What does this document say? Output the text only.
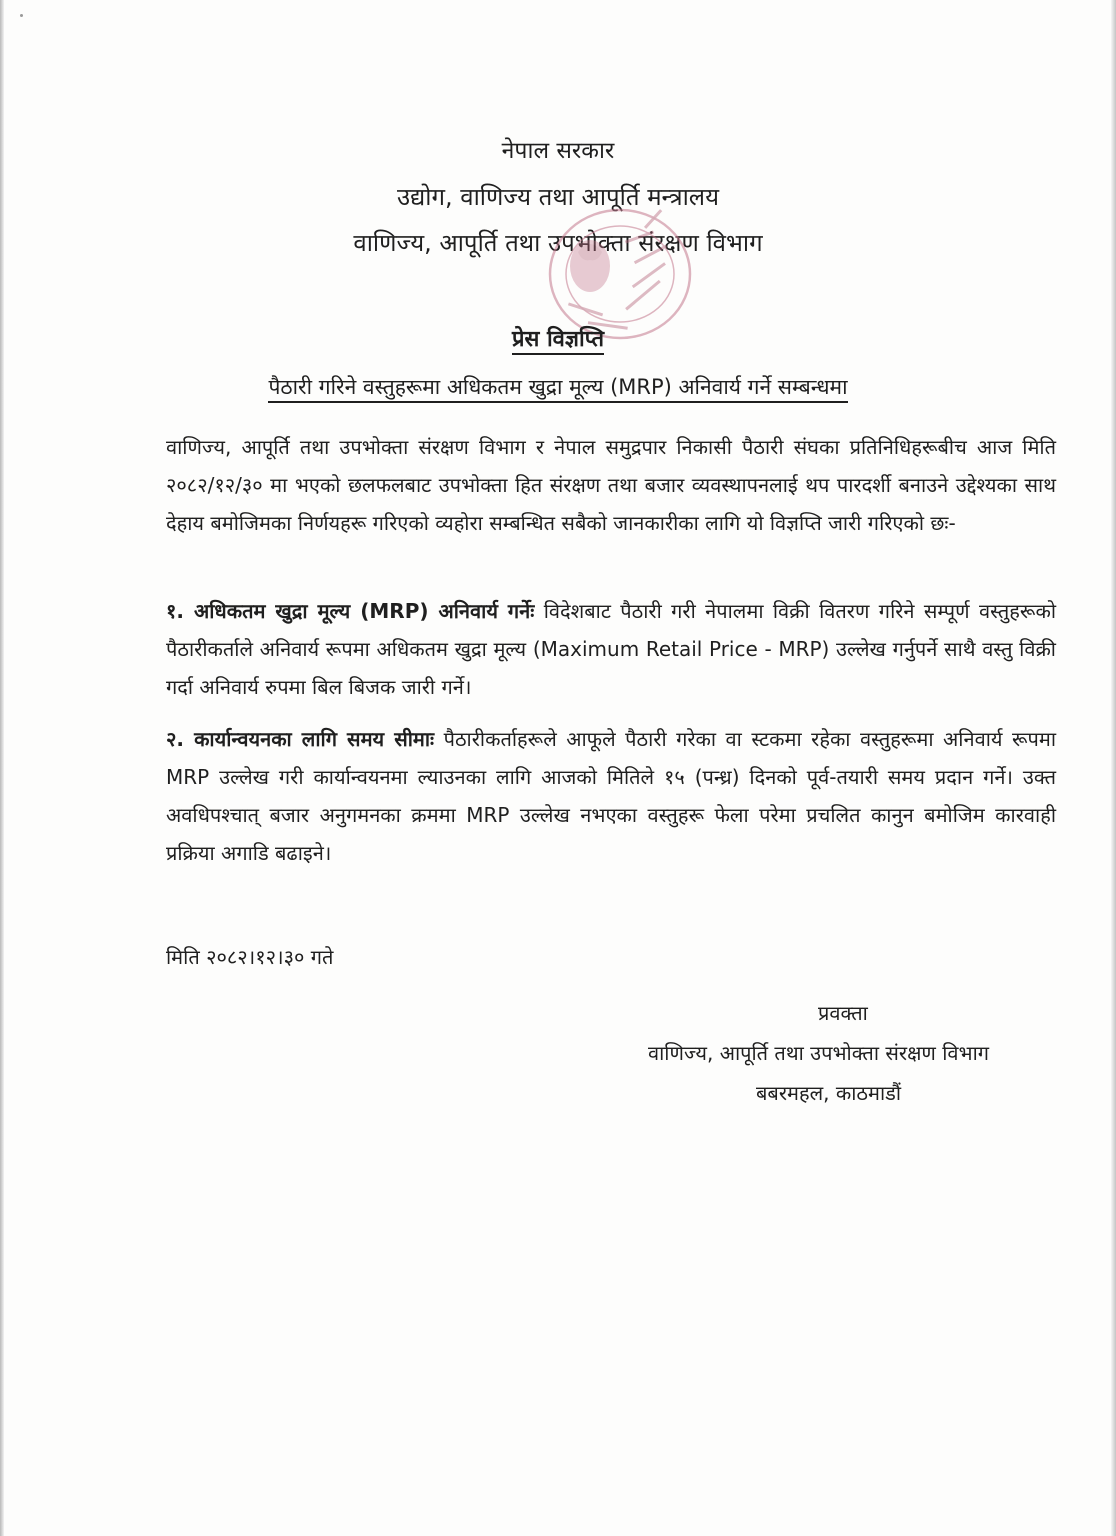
नेपाल सरकार
उद्योग, वाणिज्य तथा आपूर्ति मन्त्रालय
वाणिज्य, आपूर्ति तथा उपभोक्ता संरक्षण विभाग
प्रेस विज्ञप्ति
पैठारी गरिने वस्तुहरूमा अधिकतम खुद्रा मूल्य (MRP) अनिवार्य गर्ने सम्बन्धमा
वाणिज्य, आपूर्ति तथा उपभोक्ता संरक्षण विभाग र नेपाल समुद्रपार निकासी पैठारी संघका प्रतिनिधिहरूबीच आज मिति २०८२/१२/३० मा भएको छलफलबाट उपभोक्ता हित संरक्षण तथा बजार व्यवस्थापनलाई थप पारदर्शी बनाउने उद्देश्यका साथ देहाय बमोजिमका निर्णयहरू गरिएको व्यहोरा सम्बन्धित सबैको जानकारीका लागि यो विज्ञप्ति जारी गरिएको छः-
१. अधिकतम खुद्रा मूल्य (MRP) अनिवार्य गर्नेः विदेशबाट पैठारी गरी नेपालमा विक्री वितरण गरिने सम्पूर्ण वस्तुहरूको पैठारीकर्ताले अनिवार्य रूपमा अधिकतम खुद्रा मूल्य (Maximum Retail Price - MRP) उल्लेख गर्नुपर्ने साथै वस्तु विक्री गर्दा अनिवार्य रुपमा बिल बिजक जारी गर्ने।
२. कार्यान्वयनका लागि समय सीमाः पैठारीकर्ताहरूले आफूले पैठारी गरेका वा स्टकमा रहेका वस्तुहरूमा अनिवार्य रूपमा MRP उल्लेख गरी कार्यान्वयनमा ल्याउनका लागि आजको मितिले १५ (पन्ध्र) दिनको पूर्व-तयारी समय प्रदान गर्ने। उक्त अवधिपश्चात् बजार अनुगमनका क्रममा MRP उल्लेख नभएका वस्तुहरू फेला परेमा प्रचलित कानुन बमोजिम कारवाही प्रक्रिया अगाडि बढाइने।
मिति २०८२।१२।३० गते
प्रवक्ता
वाणिज्य, आपूर्ति तथा उपभोक्ता संरक्षण विभाग
बबरमहल, काठमाडौं
